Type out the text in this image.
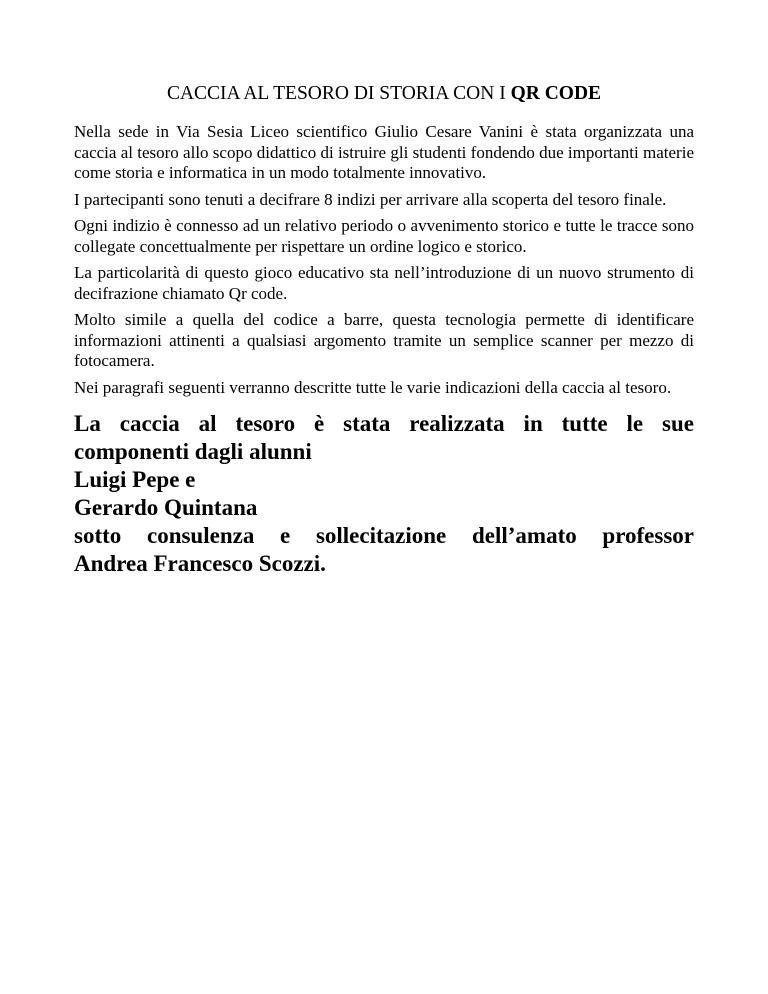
CACCIA AL TESORO DI STORIA CON I QR CODE

Nella sede in Via Sesia Liceo scientifico Giulio Cesare Vanini è stata organizzata una caccia al tesoro allo scopo didattico di istruire gli studenti fondendo due importanti materie come storia e informatica in un modo totalmente innovativo.

I partecipanti sono tenuti a decifrare 8 indizi per arrivare alla scoperta del tesoro finale.

Ogni indizio è connesso ad un relativo periodo o avvenimento storico e tutte le tracce sono collegate concettualmente per rispettare un ordine logico e storico.

La particolarità di questo gioco educativo sta nell’introduzione di un nuovo strumento di decifrazione chiamato Qr code.

Molto simile a quella del codice a barre, questa tecnologia permette di identificare informazioni attinenti a qualsiasi argomento tramite un semplice scanner per mezzo di fotocamera.

Nei paragrafi seguenti verranno descritte tutte le varie indicazioni della caccia al tesoro.

La caccia al tesoro è stata realizzata in tutte le sue
componenti dagli alunni
Luigi Pepe e
Gerardo Quintana
sotto consulenza e sollecitazione dell’amato professor
Andrea Francesco Scozzi.
